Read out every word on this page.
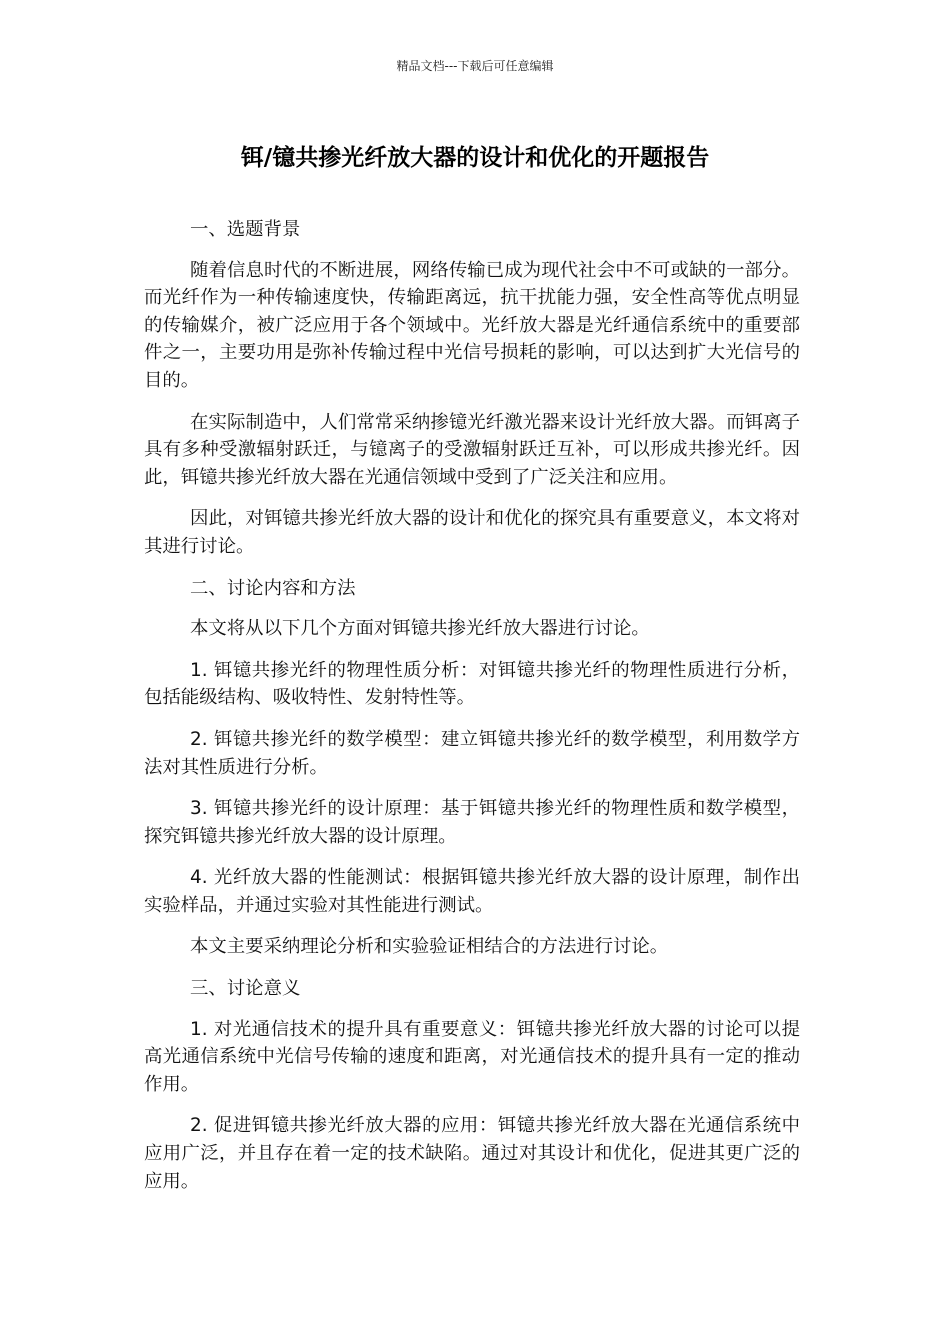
精品文档---下载后可任意编辑
铒/镱共掺光纤放大器的设计和优化的开题报告

一、选题背景

随着信息时代的不断进展，网络传输已成为现代社会中不可或缺的一部分。而光纤作为一种传输速度快，传输距离远，抗干扰能力强，安全性高等优点明显的传输媒介，被广泛应用于各个领域中。光纤放大器是光纤通信系统中的重要部件之一，主要功用是弥补传输过程中光信号损耗的影响，可以达到扩大光信号的目的。

在实际制造中，人们常常采纳掺镱光纤激光器来设计光纤放大器。而铒离子具有多种受激辐射跃迁，与镱离子的受激辐射跃迁互补，可以形成共掺光纤。因此，铒镱共掺光纤放大器在光通信领域中受到了广泛关注和应用。

因此，对铒镱共掺光纤放大器的设计和优化的探究具有重要意义，本文将对其进行讨论。

二、讨论内容和方法

本文将从以下几个方面对铒镱共掺光纤放大器进行讨论。

1. 铒镱共掺光纤的物理性质分析：对铒镱共掺光纤的物理性质进行分析，包括能级结构、吸收特性、发射特性等。

2. 铒镱共掺光纤的数学模型：建立铒镱共掺光纤的数学模型，利用数学方法对其性质进行分析。

3. 铒镱共掺光纤的设计原理：基于铒镱共掺光纤的物理性质和数学模型，探究铒镱共掺光纤放大器的设计原理。

4. 光纤放大器的性能测试：根据铒镱共掺光纤放大器的设计原理，制作出实验样品，并通过实验对其性能进行测试。

本文主要采纳理论分析和实验验证相结合的方法进行讨论。

三、讨论意义

1. 对光通信技术的提升具有重要意义：铒镱共掺光纤放大器的讨论可以提高光通信系统中光信号传输的速度和距离，对光通信技术的提升具有一定的推动作用。

2. 促进铒镱共掺光纤放大器的应用：铒镱共掺光纤放大器在光通信系统中应用广泛，并且存在着一定的技术缺陷。通过对其设计和优化，促进其更广泛的应用。
